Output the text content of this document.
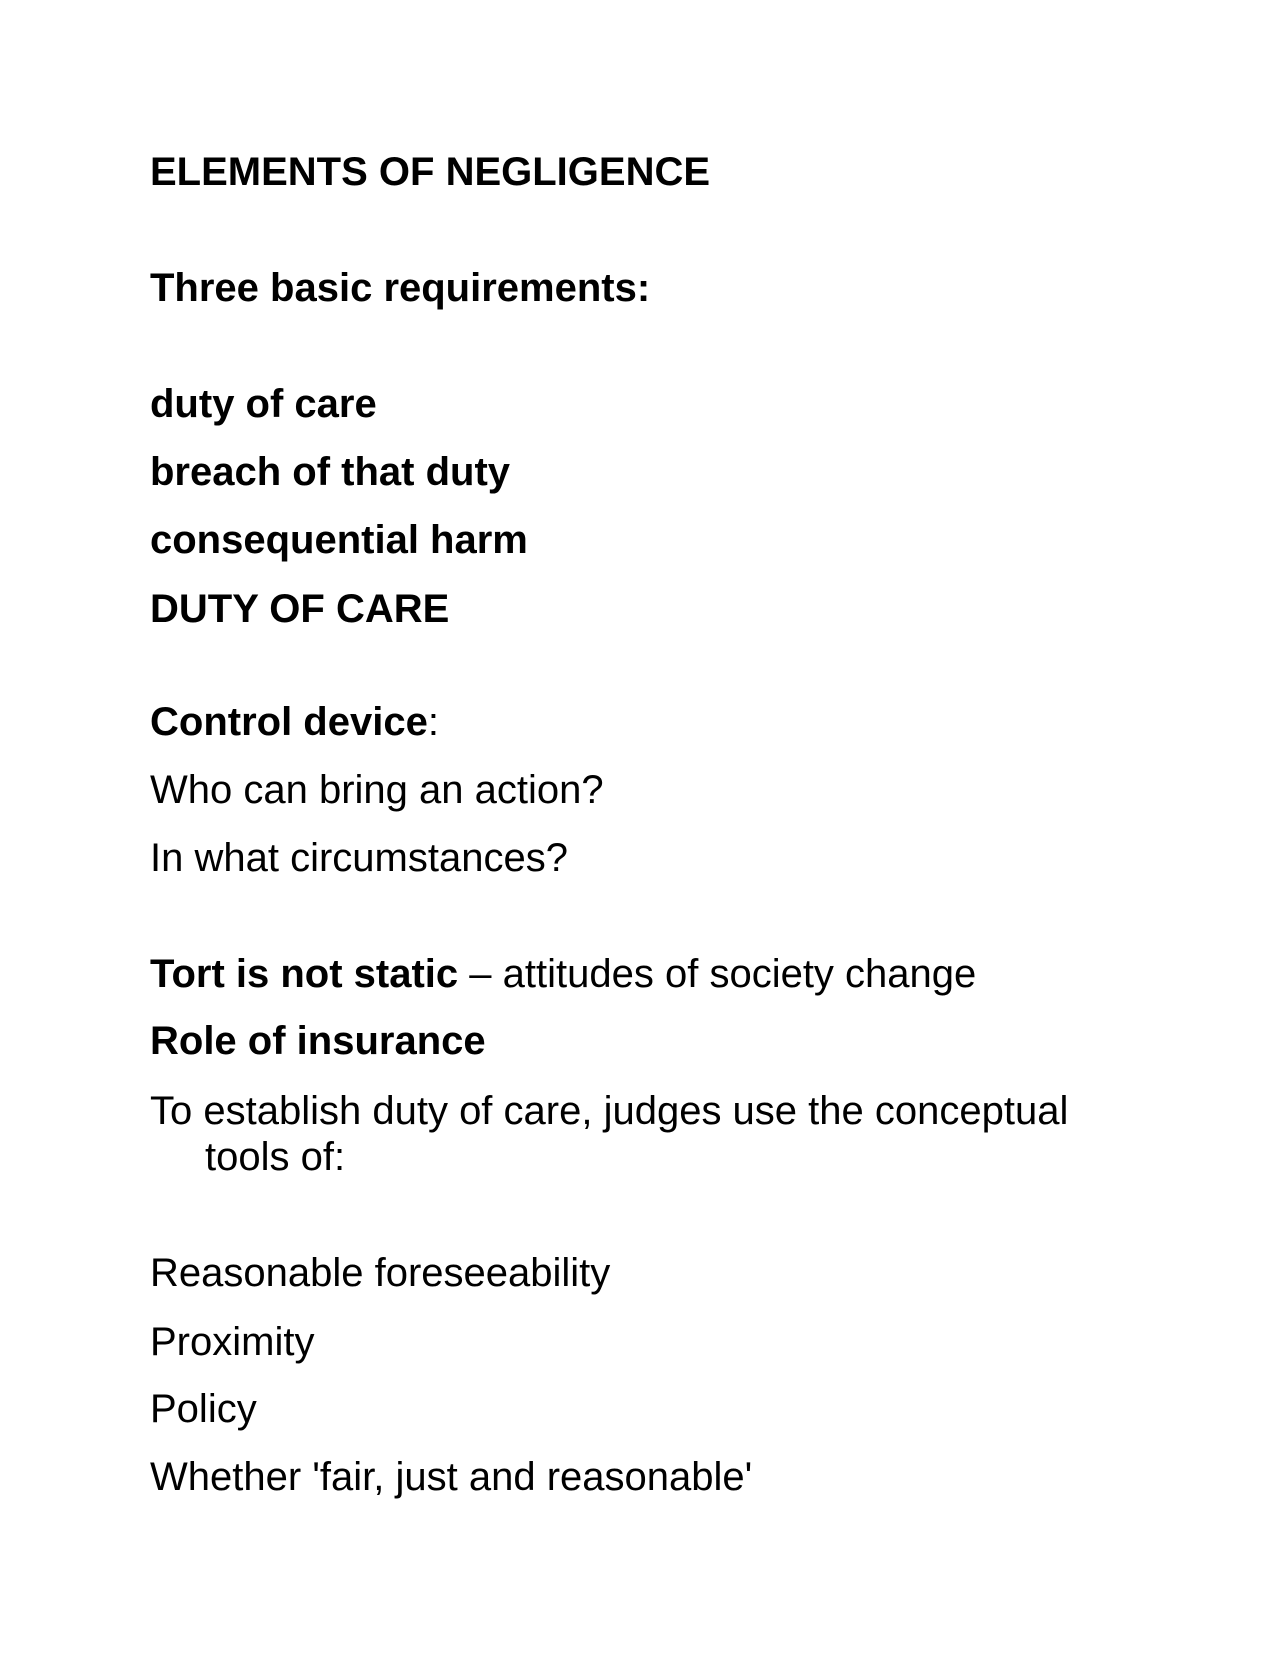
ELEMENTS OF NEGLIGENCE

Three basic requirements:

duty of care

breach of that duty

consequential harm

DUTY OF CARE

Control device:

Who can bring an action?

In what circumstances?

Tort is not static – attitudes of society change

Role of insurance

To establish duty of care, judges use the conceptual

tools of:

Reasonable foreseeability

Proximity

Policy

Whether 'fair, just and reasonable'
